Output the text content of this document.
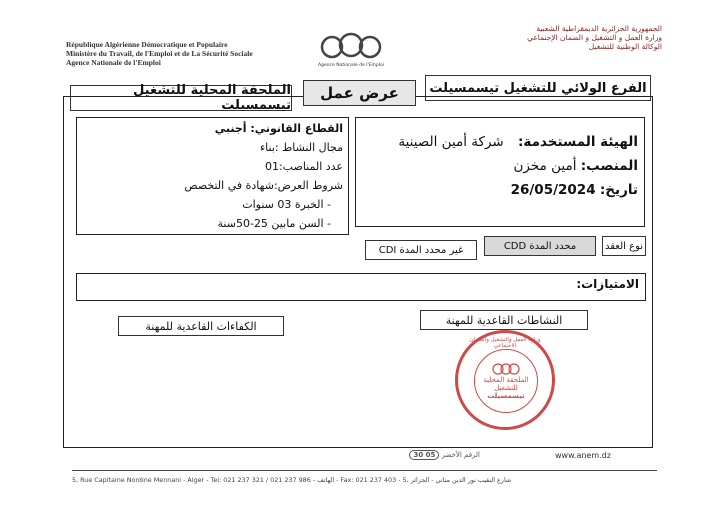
République Algérienne Démocratique et Populaire
Ministère du Travail, de l'Emploi et de La Sécurité Sociale
Agence Nationale de l'Emploi	Agence Nationale de l'Emploi
الجمهورية الجزائرية الديمقراطية الشعبية
وزارة العمل و التشغيل و الضمان الإجتماعي
الوكالة الوطنية للتشغيل
الملحقة المحلية للتشغيل تيسمسيلت
الفرع الولائي للتشغيل تيسمسيلت
عرض عمل
القطاع القانوني: أجنبي
مجال النشاط :بناء
عدد المناصب:01
شروط العرض:شهادة في التخصص
- الخبرة 03 سنوات
- السن مابين 25-50سنة
الهيئة المستخدمة: شركة أمين الصينية
المنصب: أمين مخزن
تاريخ: 26/05/2024
نوع العقد
محدد المدة CDD
غير محدد المدة CDI
الامتيازات:
النشاطات القاعدية للمهنة
الكفاءات القاعدية للمهنة
وزارة العمل والتشغيل والضمان الاجتماعي
الملحقة المحلية
للتشغيل
تيسمسيلت
www.anem.dz
الرقم الأخضر 30 05
5, Rue Capitaine Nordine Mennani - Alger - Tel: 021 237 321 / 021 237 986 - الهاتف - Fax: 021 237 403 - 5، شارع النقيب نور الدين مناني - الجزائر
